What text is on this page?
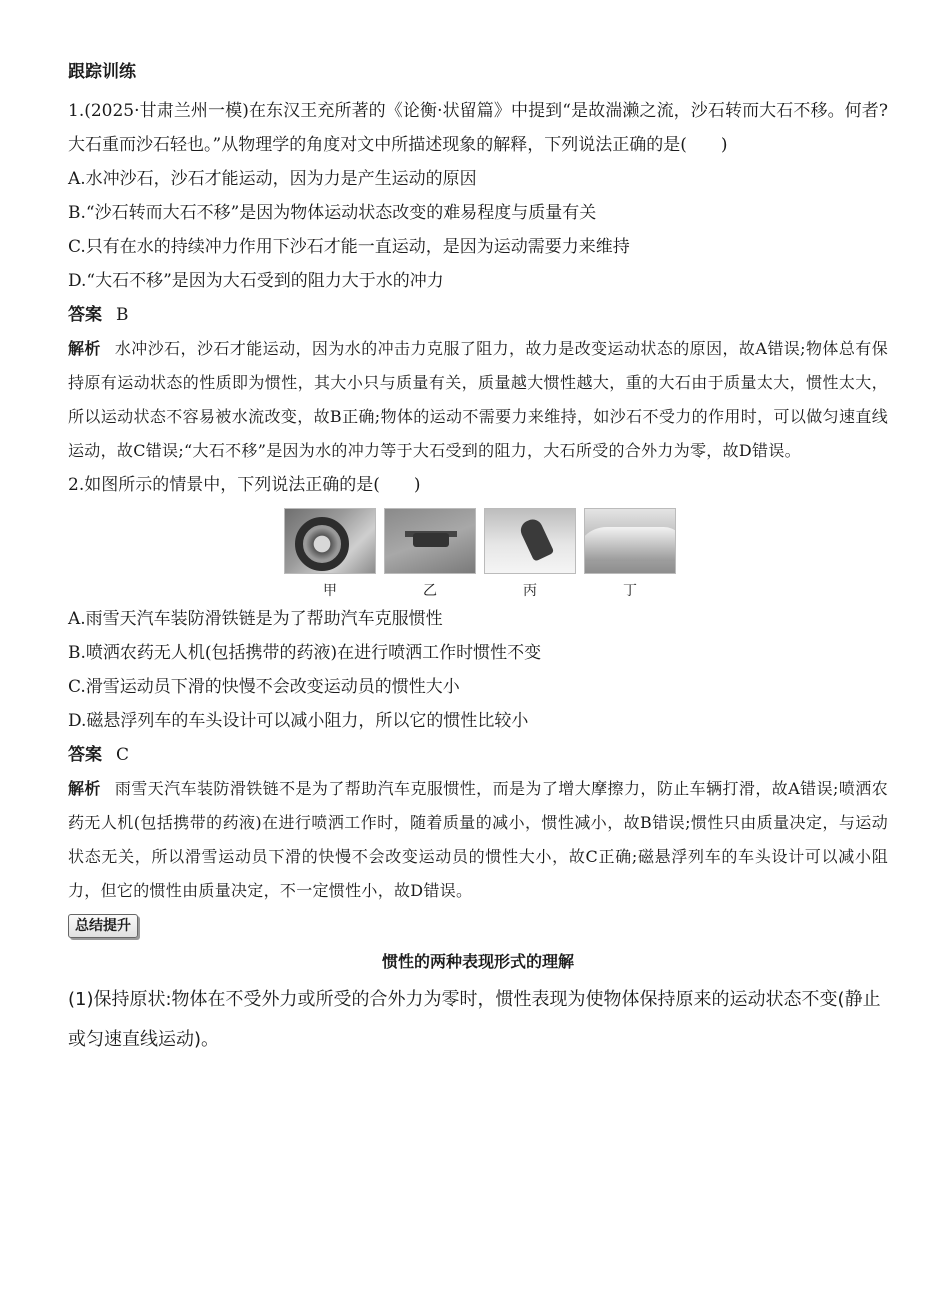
跟踪训练

1.(2025·甘肃兰州一模)在东汉王充所著的《论衡·状留篇》中提到“是故湍濑之流，沙石转而大石不移。何者?大石重而沙石轻也。”从物理学的角度对文中所描述现象的解释，下列说法正确的是(　　)

A.水冲沙石，沙石才能运动，因为力是产生运动的原因

B.“沙石转而大石不移”是因为物体运动状态改变的难易程度与质量有关

C.只有在水的持续冲力作用下沙石才能一直运动，是因为运动需要力来维持

D.“大石不移”是因为大石受到的阻力大于水的冲力

答案 B

解析 水冲沙石，沙石才能运动，因为水的冲击力克服了阻力，故力是改变运动状态的原因，故A错误;物体总有保持原有运动状态的性质即为惯性，其大小只与质量有关，质量越大惯性越大，重的大石由于质量太大，惯性太大，所以运动状态不容易被水流改变，故B正确;物体的运动不需要力来维持，如沙石不受力的作用时，可以做匀速直线运动，故C错误;“大石不移”是因为水的冲力等于大石受到的阻力，大石所受的合外力为零，故D错误。

2.如图所示的情景中，下列说法正确的是(　　)

甲	乙	丙	丁

A.雨雪天汽车装防滑铁链是为了帮助汽车克服惯性

B.喷洒农药无人机(包括携带的药液)在进行喷洒工作时惯性不变

C.滑雪运动员下滑的快慢不会改变运动员的惯性大小

D.磁悬浮列车的车头设计可以减小阻力，所以它的惯性比较小

答案 C

解析 雨雪天汽车装防滑铁链不是为了帮助汽车克服惯性，而是为了增大摩擦力，防止车辆打滑，故A错误;喷洒农药无人机(包括携带的药液)在进行喷洒工作时，随着质量的减小，惯性减小，故B错误;惯性只由质量决定，与运动状态无关，所以滑雪运动员下滑的快慢不会改变运动员的惯性大小，故C正确;磁悬浮列车的车头设计可以减小阻力，但它的惯性由质量决定，不一定惯性小，故D错误。

总结提升
惯性的两种表现形式的理解

(1)保持原状:物体在不受外力或所受的合外力为零时，惯性表现为使物体保持原来的运动状态不变(静止或匀速直线运动)。
